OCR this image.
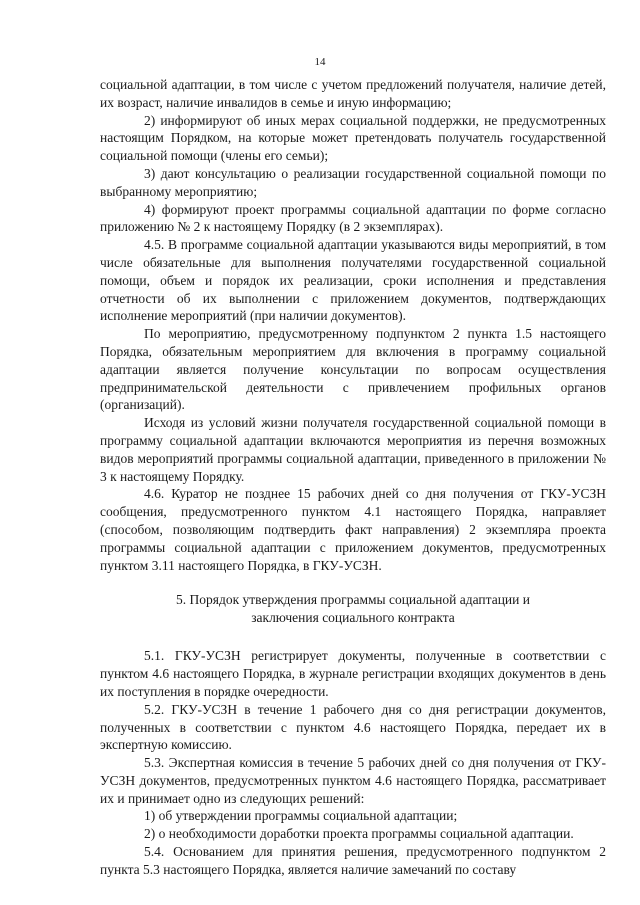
14

социальной адаптации, в том числе с учетом предложений получателя, наличие детей, их возраст, наличие инвалидов в семье и иную информацию;

2) информируют об иных мерах социальной поддержки, не предусмотренных настоящим Порядком, на которые может претендовать получатель государственной социальной помощи (члены его семьи);

3) дают консультацию о реализации государственной социальной помощи по выбранному мероприятию;

4) формируют проект программы социальной адаптации по форме согласно приложению № 2 к настоящему Порядку (в 2 экземплярах).

4.5. В программе социальной адаптации указываются виды мероприятий, в том числе обязательные для выполнения получателями государственной социальной помощи, объем и порядок их реализации, сроки исполнения и представления отчетности об их выполнении с приложением документов, подтверждающих исполнение мероприятий (при наличии документов).

По мероприятию, предусмотренному подпунктом 2 пункта 1.5 настоящего Порядка, обязательным мероприятием для включения в программу социальной адаптации является получение консультации по вопросам осуществления предпринимательской деятельности с привлечением профильных органов (организаций).

Исходя из условий жизни получателя государственной социальной помощи в программу социальной адаптации включаются мероприятия из перечня возможных видов мероприятий программы социальной адаптации, приведенного в приложении № 3 к настоящему Порядку.

4.6. Куратор не позднее 15 рабочих дней со дня получения от ГКУ-УСЗН сообщения, предусмотренного пунктом 4.1 настоящего Порядка, направляет (способом, позволяющим подтвердить факт направления) 2 экземпляра проекта программы социальной адаптации с приложением документов, предусмотренных пунктом 3.11 настоящего Порядка, в ГКУ-УСЗН.

5. Порядок утверждения программы социальной адаптации и
заключения социального контракта

5.1. ГКУ-УСЗН регистрирует документы, полученные в соответствии с пунктом 4.6 настоящего Порядка, в журнале регистрации входящих документов в день их поступления в порядке очередности.

5.2. ГКУ-УСЗН в течение 1 рабочего дня со дня регистрации документов, полученных в соответствии с пунктом 4.6 настоящего Порядка, передает их в экспертную комиссию.

5.3. Экспертная комиссия в течение 5 рабочих дней со дня получения от ГКУ-УСЗН документов, предусмотренных пунктом 4.6 настоящего Порядка, рассматривает их и принимает одно из следующих решений:

1) об утверждении программы социальной адаптации;

2) о необходимости доработки проекта программы социальной адаптации.

5.4. Основанием для принятия решения, предусмотренного подпунктом 2 пункта 5.3 настоящего Порядка, является наличие замечаний по составу
